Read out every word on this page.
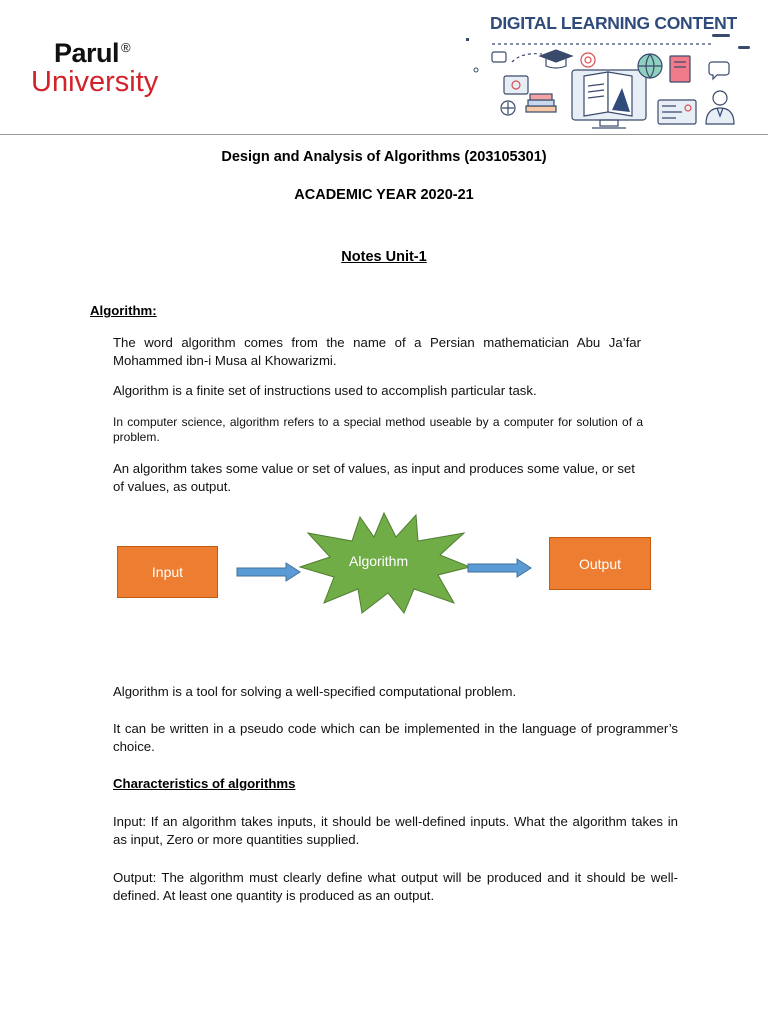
Parul ®
University
DIGITAL LEARNING CONTENT
Design and Analysis of Algorithms (203105301)
ACADEMIC YEAR 2020-21
Notes Unit-1
Algorithm:
The word algorithm comes from the name of a Persian mathematician Abu Ja’far Mohammed ibn-i Musa al Khowarizmi.
Algorithm is a finite set of instructions used to accomplish particular task.
In computer science, algorithm refers to a special method useable by a computer for solution of a problem.
An algorithm takes some value or set of values, as input and produces some value, or set of values, as output.
Input
Algorithm	Output
Algorithm is a tool for solving a well-specified computational problem.
It can be written in a pseudo code which can be implemented in the language of programmer’s choice.
Characteristics of algorithms
Input: If an algorithm takes inputs, it should be well-defined inputs. What the algorithm takes in as input, Zero or more quantities supplied.
Output: The algorithm must clearly define what output will be produced and it should be well-defined. At least one quantity is produced as an output.
